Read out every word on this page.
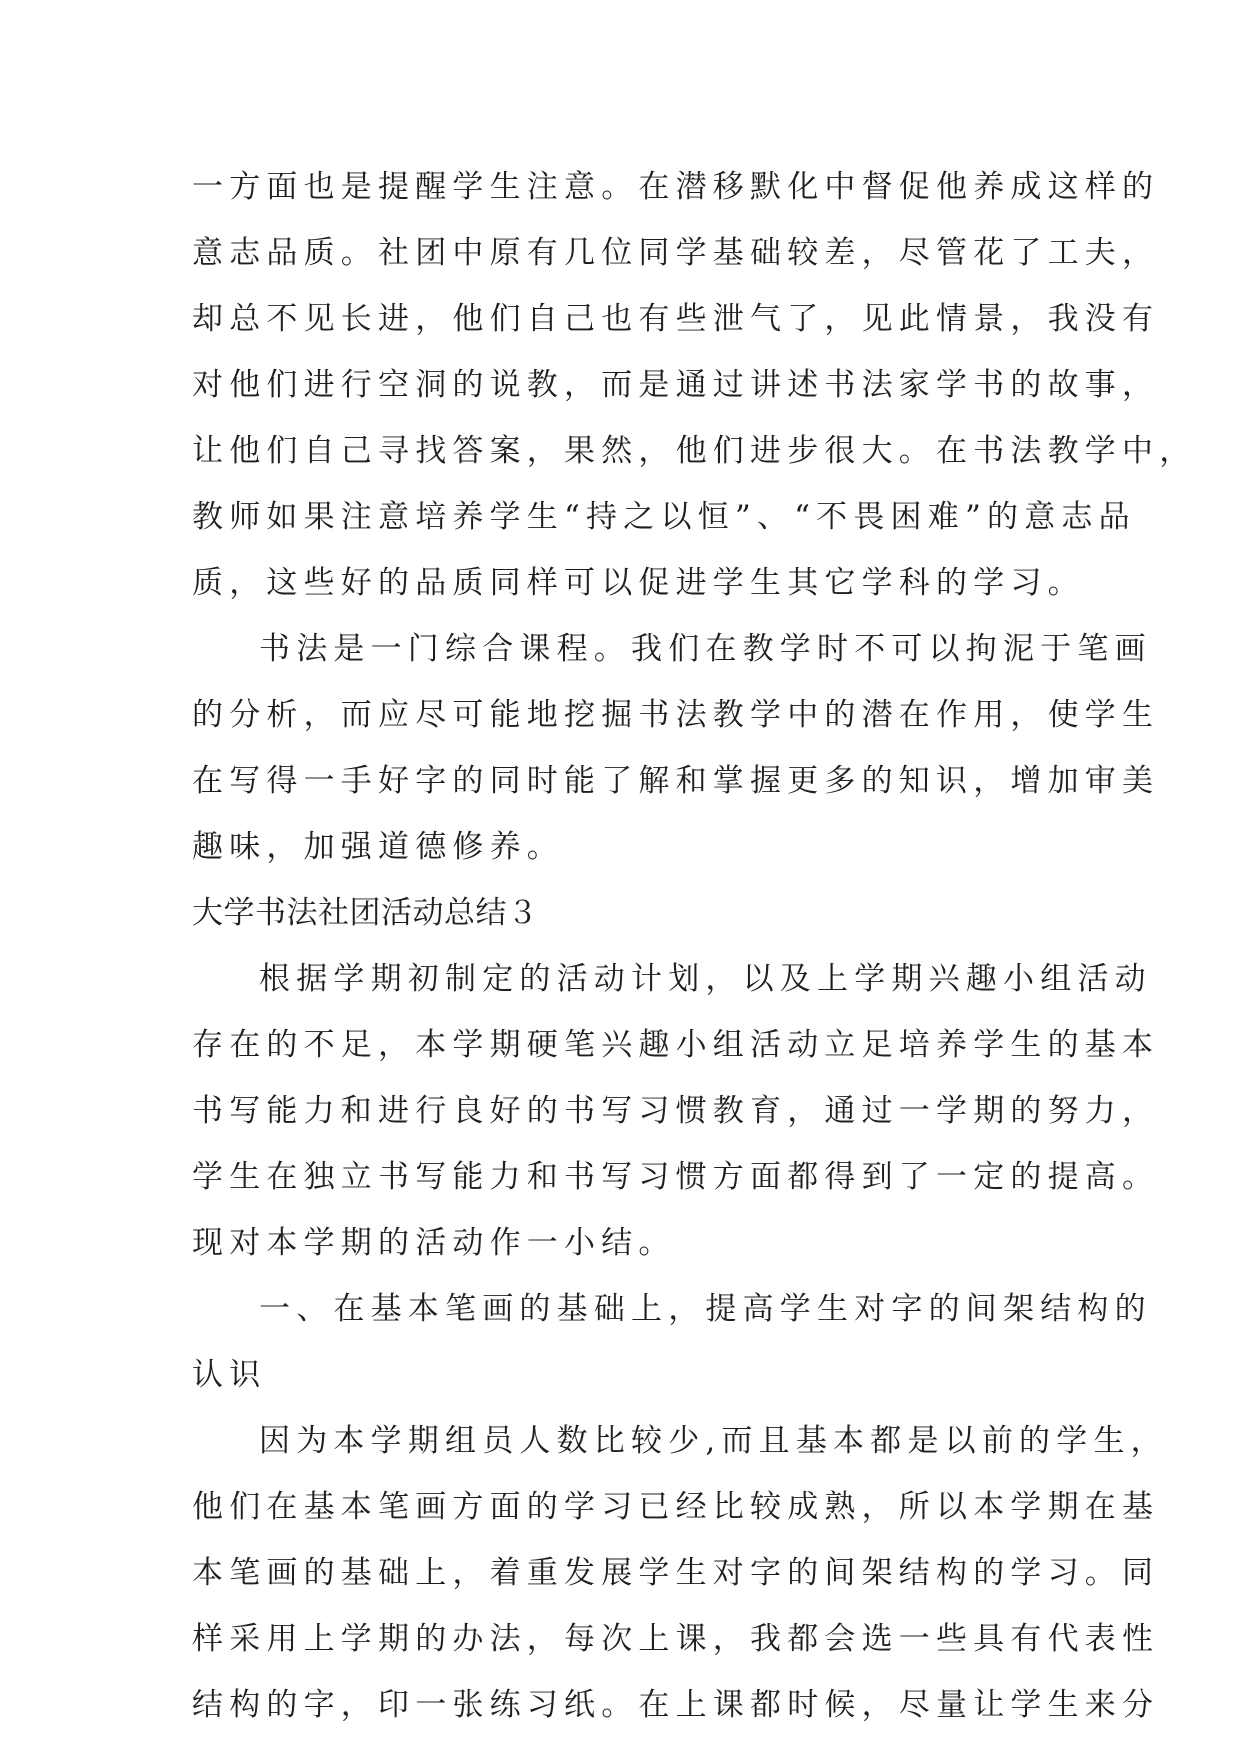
一方面也是提醒学生注意。在潜移默化中督促他养成这样的
意志品质。社团中原有几位同学基础较差，尽管花了工夫，
却总不见长进，他们自己也有些泄气了，见此情景，我没有
对他们进行空洞的说教，而是通过讲述书法家学书的故事，
让他们自己寻找答案，果然，他们进步很大。在书法教学中，
教师如果注意培养学生“持之以恒”、“不畏困难”的意志品
质，这些好的品质同样可以促进学生其它学科的学习。
书法是一门综合课程。我们在教学时不可以拘泥于笔画
的分析，而应尽可能地挖掘书法教学中的潜在作用，使学生
在写得一手好字的同时能了解和掌握更多的知识，增加审美
趣味，加强道德修养。
大学书法社团活动总结３
根据学期初制定的活动计划，以及上学期兴趣小组活动
存在的不足，本学期硬笔兴趣小组活动立足培养学生的基本
书写能力和进行良好的书写习惯教育，通过一学期的努力，
学生在独立书写能力和书写习惯方面都得到了一定的提高。
现对本学期的活动作一小结。
一、在基本笔画的基础上，提高学生对字的间架结构的
认识
因为本学期组员人数比较少,而且基本都是以前的学生，
他们在基本笔画方面的学习已经比较成熟，所以本学期在基
本笔画的基础上，着重发展学生对字的间架结构的学习。同
样采用上学期的办法，每次上课，我都会选一些具有代表性
结构的字，印一张练习纸。在上课都时候，尽量让学生来分
